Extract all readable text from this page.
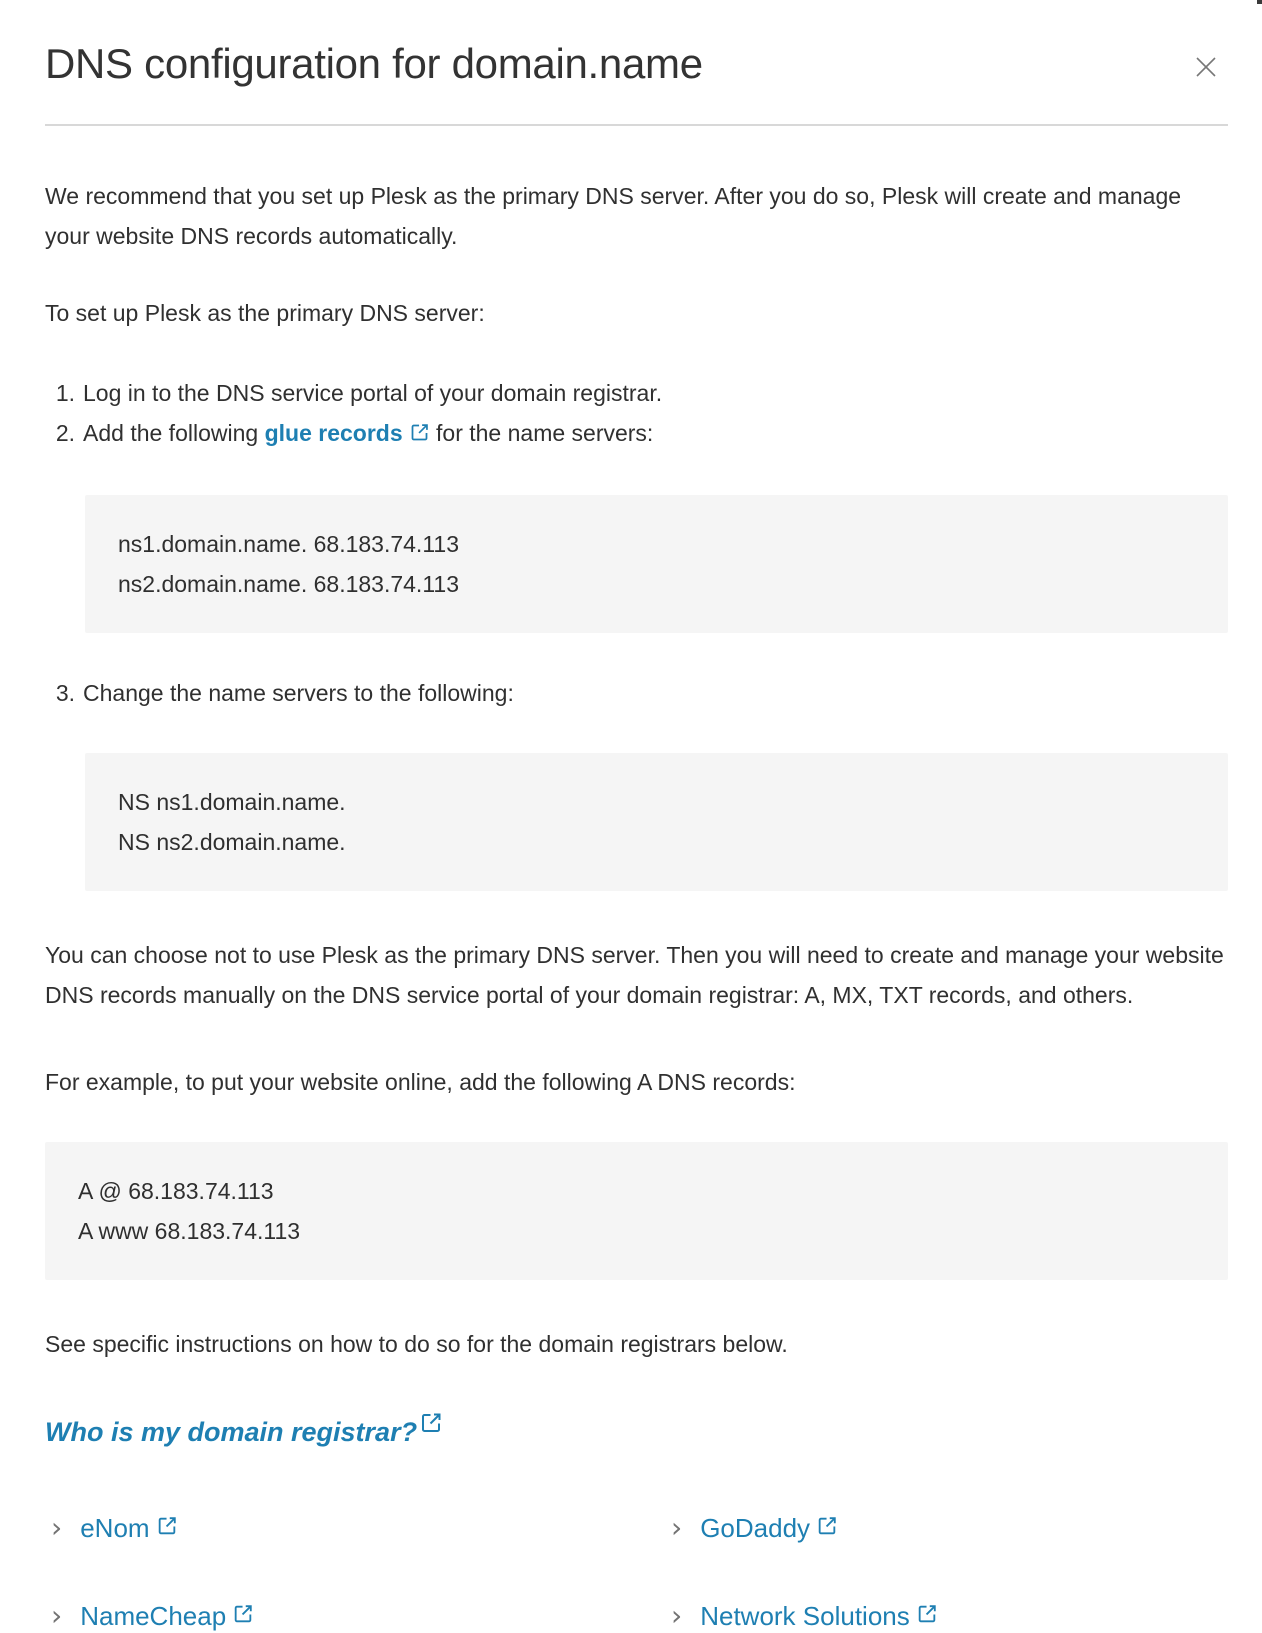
DNS configuration for domain.name

We recommend that you set up Plesk as the primary DNS server. After you do so, Plesk will create and manage your website DNS records automatically.

To set up Plesk as the primary DNS server:

1. Log in to the DNS service portal of your domain registrar.
2. Add the following glue records for the name servers:
ns1.domain.name. 68.183.74.113
ns2.domain.name. 68.183.74.113
3. Change the name servers to the following:
NS ns1.domain.name.
NS ns2.domain.name.

You can choose not to use Plesk as the primary DNS server. Then you will need to create and manage your website DNS records manually on the DNS service portal of your domain registrar: A, MX, TXT records, and others.

For example, to put your website online, add the following A DNS records:

A @ 68.183.74.113
A www 68.183.74.113

See specific instructions on how to do so for the domain registrars below.

Who is my domain registrar?

› eNom	› GoDaddy
› NameCheap	› Network Solutions
